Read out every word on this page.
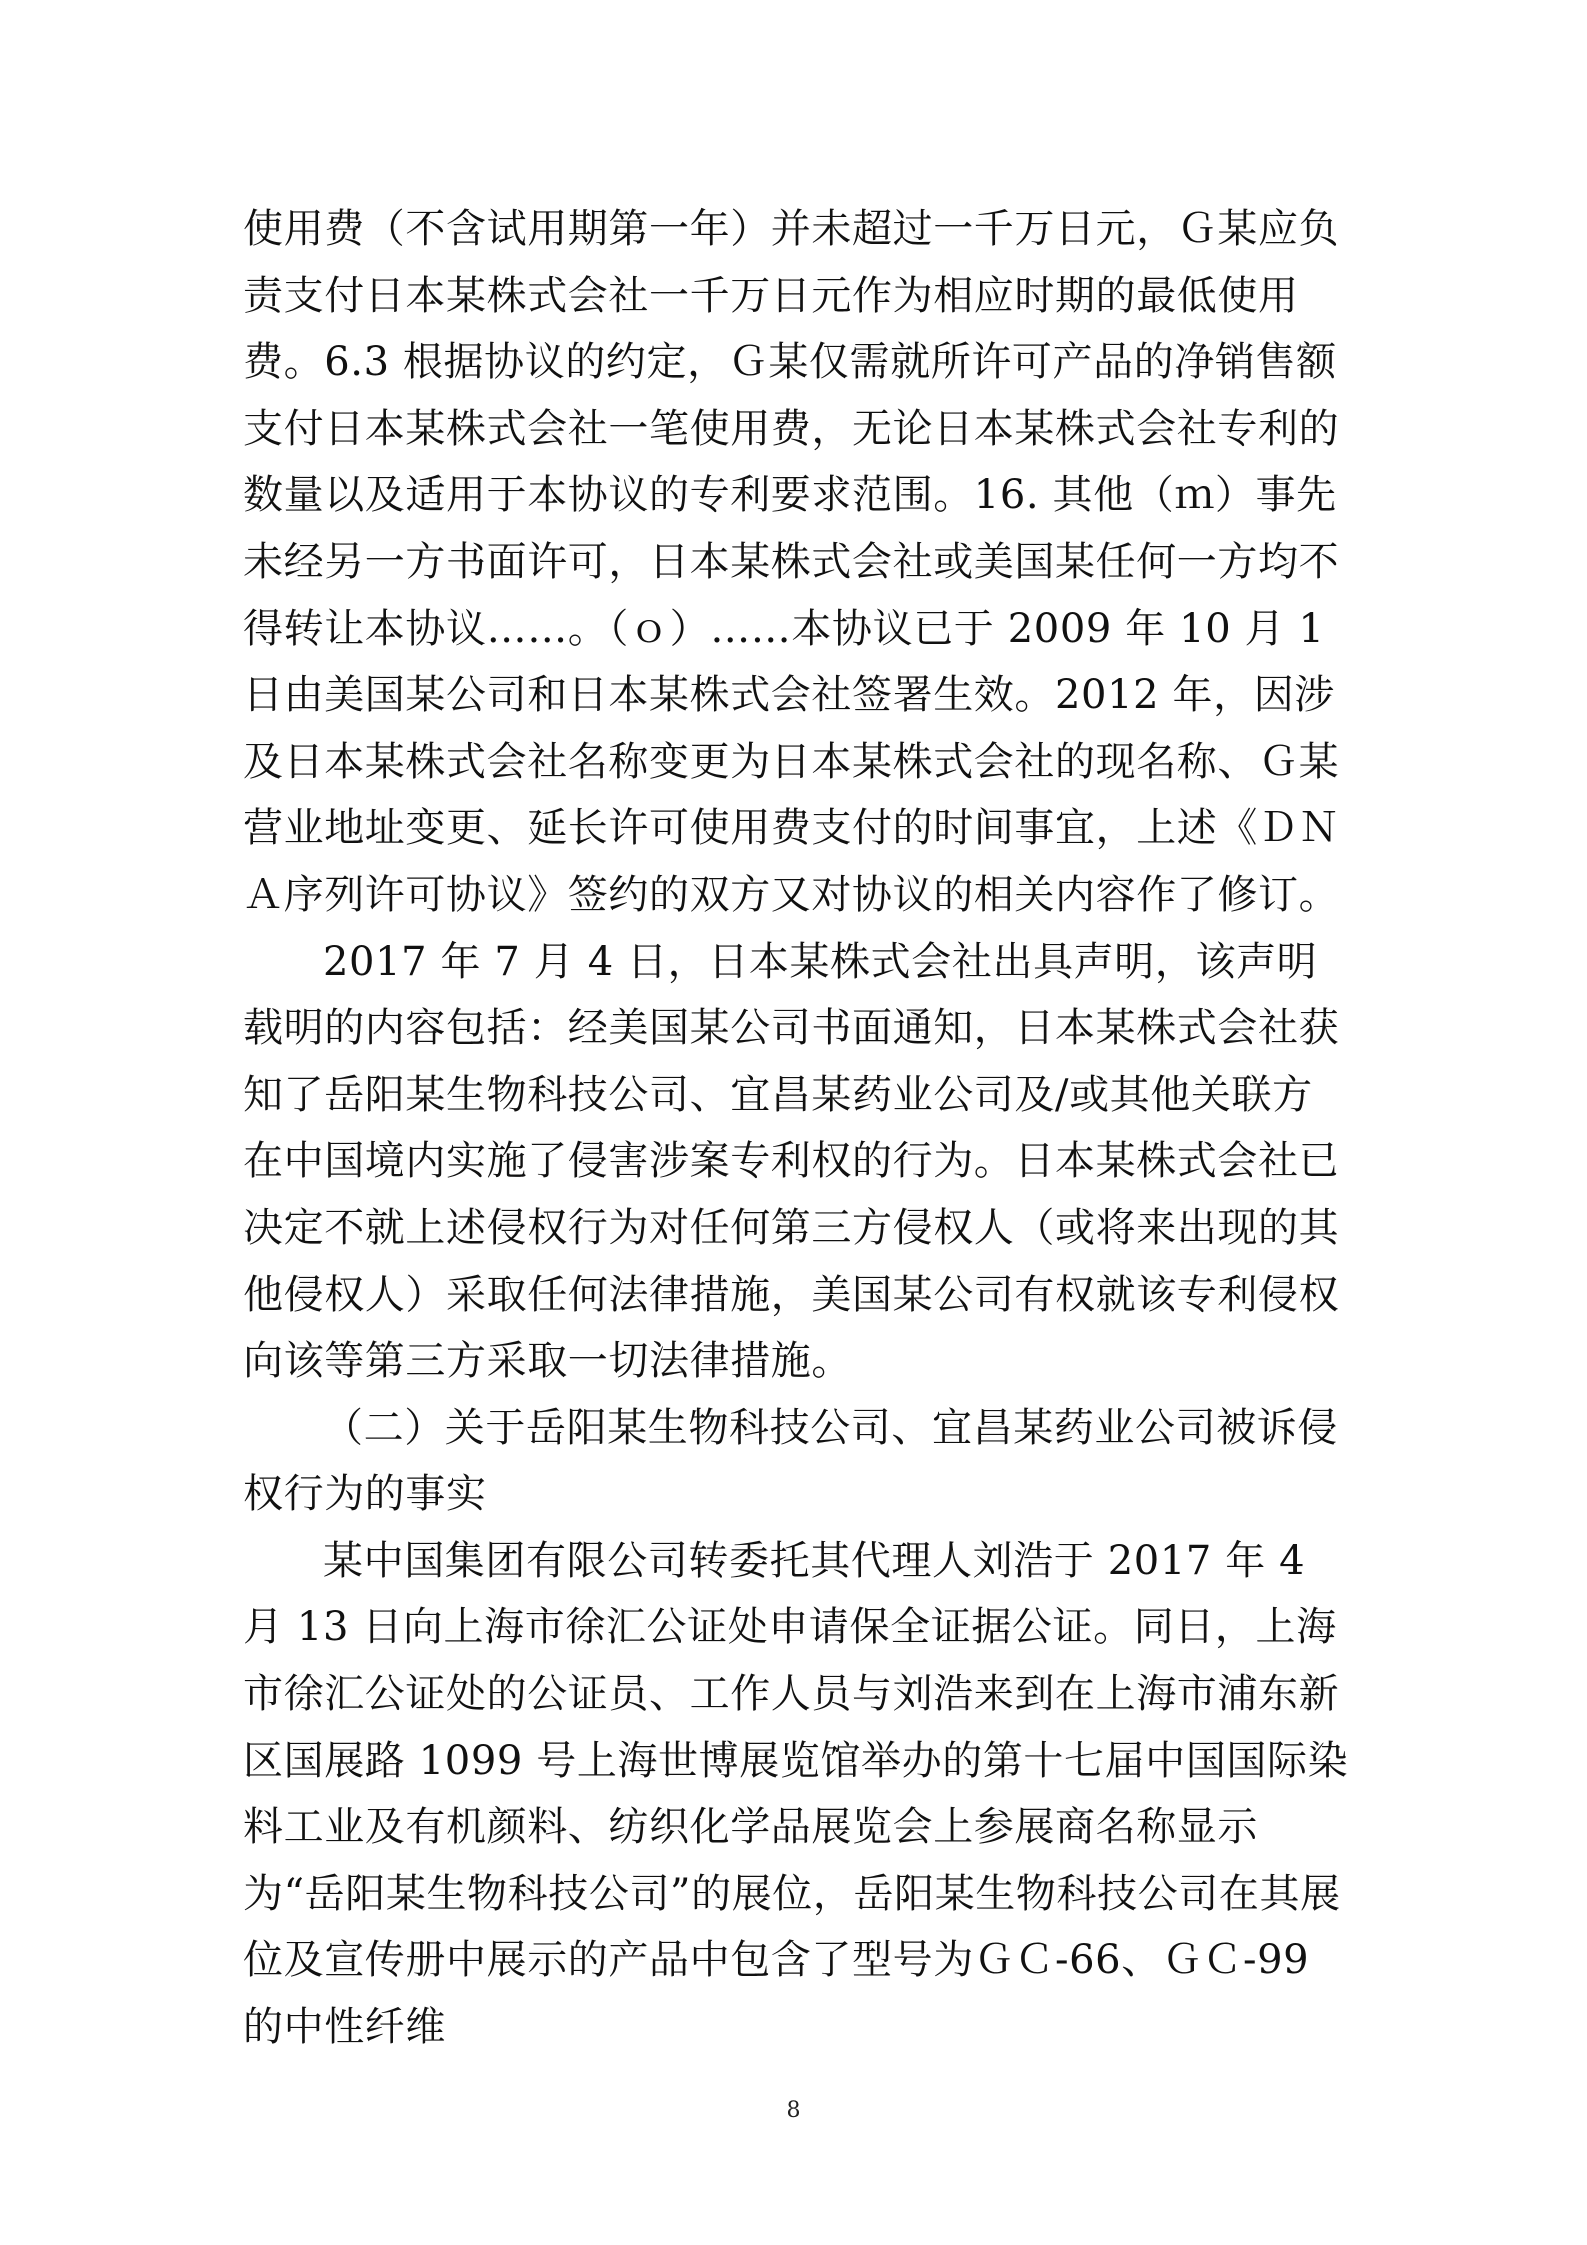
使用费（不含试用期第一年）并未超过一千万日元，Ｇ某应负责支付日本某株式会社一千万日元作为相应时期的最低使用费。6.3 根据协议的约定，Ｇ某仅需就所许可产品的净销售额支付日本某株式会社一笔使用费，无论日本某株式会社专利的数量以及适用于本协议的专利要求范围。16. 其他（ｍ）事先未经另一方书面许可，日本某株式会社或美国某任何一方均不得转让本协议……。（ｏ）……本协议已于 2009 年 10 月 1 日由美国某公司和日本某株式会社签署生效。2012 年，因涉及日本某株式会社名称变更为日本某株式会社的现名称、Ｇ某营业地址变更、延长许可使用费支付的时间事宜，上述《ＤＮＡ序列许可协议》签约的双方又对协议的相关内容作了修订。

2017 年 7 月 4 日，日本某株式会社出具声明，该声明载明的内容包括：经美国某公司书面通知，日本某株式会社获知了岳阳某生物科技公司、宜昌某药业公司及/或其他关联方在中国境内实施了侵害涉案专利权的行为。日本某株式会社已决定不就上述侵权行为对任何第三方侵权人（或将来出现的其他侵权人）采取任何法律措施，美国某公司有权就该专利侵权向该等第三方采取一切法律措施。

（二）关于岳阳某生物科技公司、宜昌某药业公司被诉侵权行为的事实

某中国集团有限公司转委托其代理人刘浩于 2017 年 4 月 13 日向上海市徐汇公证处申请保全证据公证。同日，上海市徐汇公证处的公证员、工作人员与刘浩来到在上海市浦东新区国展路 1099 号上海世博展览馆举办的第十七届中国国际染料工业及有机颜料、纺织化学品展览会上参展商名称显示为“岳阳某生物科技公司”的展位，岳阳某生物科技公司在其展位及宣传册中展示的产品中包含了型号为ＧＣ-66、ＧＣ-99 的中性纤维

8
